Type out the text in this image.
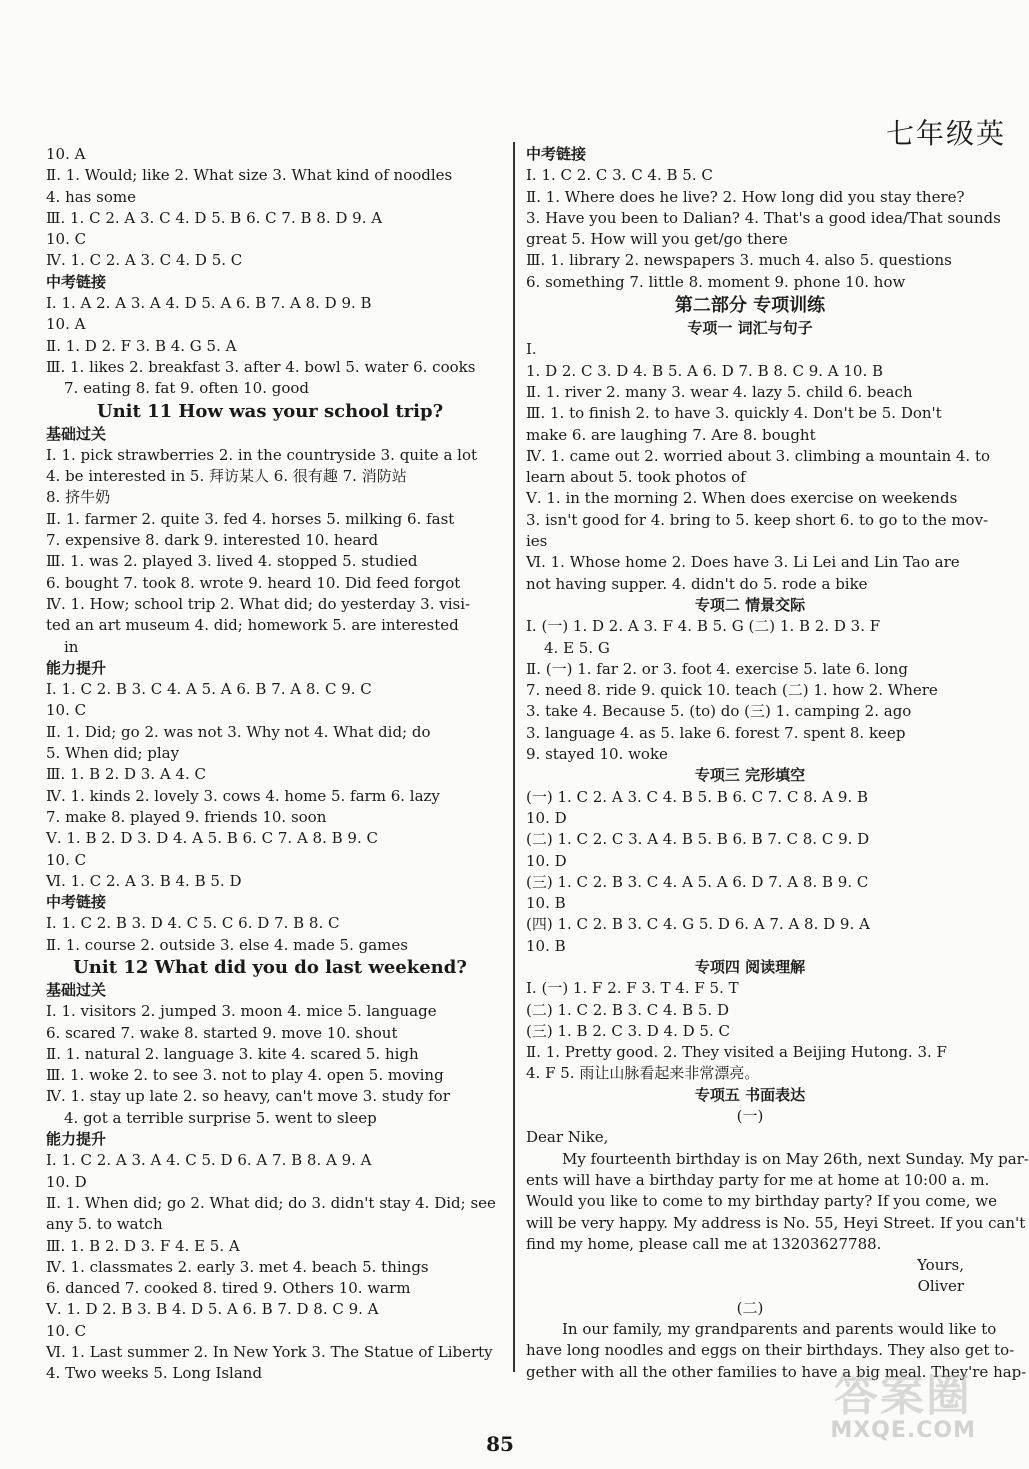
七年级英
10. A
Ⅱ. 1. Would; like 2. What size 3. What kind of noodles
4. has some
Ⅲ. 1. C 2. A 3. C 4. D 5. B 6. C 7. B 8. D 9. A
10. C
Ⅳ. 1. C 2. A 3. C 4. D 5. C
中考链接
Ⅰ. 1. A 2. A 3. A 4. D 5. A 6. B 7. A 8. D 9. B
10. A
Ⅱ. 1. D 2. F 3. B 4. G 5. A
Ⅲ. 1. likes 2. breakfast 3. after 4. bowl 5. water 6. cooks
7. eating 8. fat 9. often 10. good
Unit 11 How was your school trip?
基础过关
Ⅰ. 1. pick strawberries 2. in the countryside 3. quite a lot
4. be interested in 5. 拜访某人 6. 很有趣 7. 消防站
8. 挤牛奶
Ⅱ. 1. farmer 2. quite 3. fed 4. horses 5. milking 6. fast
7. expensive 8. dark 9. interested 10. heard
Ⅲ. 1. was 2. played 3. lived 4. stopped 5. studied
6. bought 7. took 8. wrote 9. heard 10. Did feed forgot
Ⅳ. 1. How; school trip 2. What did; do yesterday 3. visi-
ted an art museum 4. did; homework 5. are interested
in
能力提升
Ⅰ. 1. C 2. B 3. C 4. A 5. A 6. B 7. A 8. C 9. C
10. C
Ⅱ. 1. Did; go 2. was not 3. Why not 4. What did; do
5. When did; play
Ⅲ. 1. B 2. D 3. A 4. C
Ⅳ. 1. kinds 2. lovely 3. cows 4. home 5. farm 6. lazy
7. make 8. played 9. friends 10. soon
Ⅴ. 1. B 2. D 3. D 4. A 5. B 6. C 7. A 8. B 9. C
10. C
Ⅵ. 1. C 2. A 3. B 4. B 5. D
中考链接
Ⅰ. 1. C 2. B 3. D 4. C 5. C 6. D 7. B 8. C
Ⅱ. 1. course 2. outside 3. else 4. made 5. games
Unit 12 What did you do last weekend?
基础过关
Ⅰ. 1. visitors 2. jumped 3. moon 4. mice 5. language
6. scared 7. wake 8. started 9. move 10. shout
Ⅱ. 1. natural 2. language 3. kite 4. scared 5. high
Ⅲ. 1. woke 2. to see 3. not to play 4. open 5. moving
Ⅳ. 1. stay up late 2. so heavy, can't move 3. study for
4. got a terrible surprise 5. went to sleep
能力提升
Ⅰ. 1. C 2. A 3. A 4. C 5. D 6. A 7. B 8. A 9. A
10. D
Ⅱ. 1. When did; go 2. What did; do 3. didn't stay 4. Did; see
any 5. to watch
Ⅲ. 1. B 2. D 3. F 4. E 5. A
Ⅳ. 1. classmates 2. early 3. met 4. beach 5. things
6. danced 7. cooked 8. tired 9. Others 10. warm
Ⅴ. 1. D 2. B 3. B 4. D 5. A 6. B 7. D 8. C 9. A
10. C
Ⅵ. 1. Last summer 2. In New York 3. The Statue of Liberty
4. Two weeks 5. Long Island
中考链接
Ⅰ. 1. C 2. C 3. C 4. B 5. C
Ⅱ. 1. Where does he live? 2. How long did you stay there?
3. Have you been to Dalian? 4. That's a good idea/That sounds
great 5. How will you get/go there
Ⅲ. 1. library 2. newspapers 3. much 4. also 5. questions
6. something 7. little 8. moment 9. phone 10. how
第二部分 专项训练
专项一 词汇与句子
Ⅰ.
1. D 2. C 3. D 4. B 5. A 6. D 7. B 8. C 9. A 10. B
Ⅱ. 1. river 2. many 3. wear 4. lazy 5. child 6. beach
Ⅲ. 1. to finish 2. to have 3. quickly 4. Don't be 5. Don't
make 6. are laughing 7. Are 8. bought
Ⅳ. 1. came out 2. worried about 3. climbing a mountain 4. to
learn about 5. took photos of
Ⅴ. 1. in the morning 2. When does exercise on weekends
3. isn't good for 4. bring to 5. keep short 6. to go to the mov-
ies
Ⅵ. 1. Whose home 2. Does have 3. Li Lei and Lin Tao are
not having supper. 4. didn't do 5. rode a bike
专项二 情景交际
Ⅰ. (一) 1. D 2. A 3. F 4. B 5. G (二) 1. B 2. D 3. F
4. E 5. G
Ⅱ. (一) 1. far 2. or 3. foot 4. exercise 5. late 6. long
7. need 8. ride 9. quick 10. teach (二) 1. how 2. Where
3. take 4. Because 5. (to) do (三) 1. camping 2. ago
3. language 4. as 5. lake 6. forest 7. spent 8. keep
9. stayed 10. woke
专项三 完形填空
(一) 1. C 2. A 3. C 4. B 5. B 6. C 7. C 8. A 9. B
10. D
(二) 1. C 2. C 3. A 4. B 5. B 6. B 7. C 8. C 9. D
10. D
(三) 1. C 2. B 3. C 4. A 5. A 6. D 7. A 8. B 9. C
10. B
(四) 1. C 2. B 3. C 4. G 5. D 6. A 7. A 8. D 9. A
10. B
专项四 阅读理解
Ⅰ. (一) 1. F 2. F 3. T 4. F 5. T
(二) 1. C 2. B 3. C 4. B 5. D
(三) 1. B 2. C 3. D 4. D 5. C
Ⅱ. 1. Pretty good. 2. They visited a Beijing Hutong. 3. F
4. F 5. 雨让山脉看起来非常漂亮。
专项五 书面表达
(一)
Dear Nike,
My fourteenth birthday is on May 26th, next Sunday. My par-
ents will have a birthday party for me at home at 10:00 a. m.
Would you like to come to my birthday party? If you come, we
will be very happy. My address is No. 55, Heyi Street. If you can't
find my home, please call me at 13203627788.
Yours,
Oliver
(二)
In our family, my grandparents and parents would like to
have long noodles and eggs on their birthdays. They also get to-
gether with all the other families to have a big meal. They're hap-
85
答案圈
MXQE.COM
